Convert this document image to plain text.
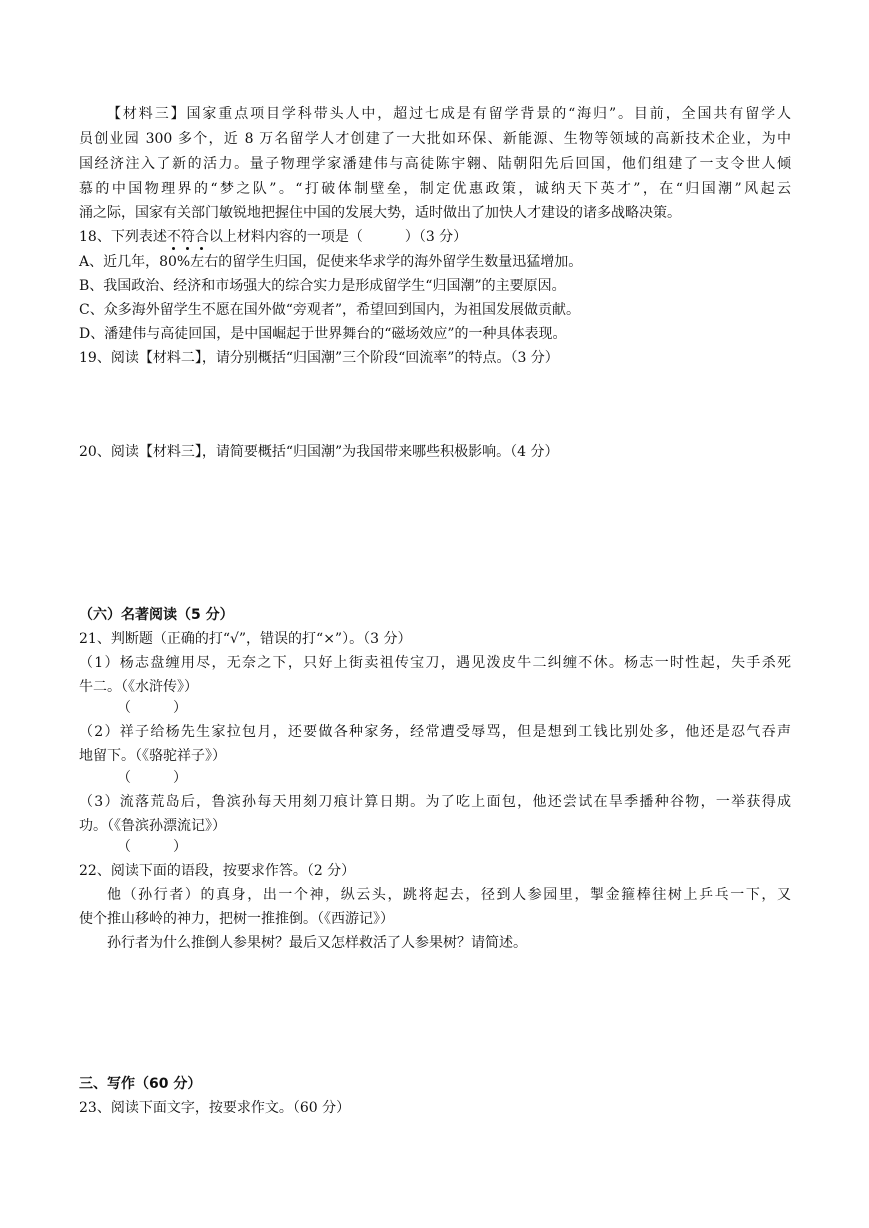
【材料三】国家重点项目学科带头人中，超过七成是有留学背景的“海归”。目前，全国共有留学人
员创业园 300 多个，近 8 万名留学人才创建了一大批如环保、新能源、生物等领域的高新技术企业，为中
国经济注入了新的活力。量子物理学家潘建伟与高徒陈宇翱、陆朝阳先后回国，他们组建了一支令世人倾
慕的中国物理界的“梦之队”。“打破体制壁垒，制定优惠政策，诚纳天下英才”，在“归国潮”风起云
涌之际，国家有关部门敏锐地把握住中国的发展大势，适时做出了加快人才建设的诸多战略决策。
18、下列表述不
符
合
以上材料内容的一项是（　　　）（3 分）
A、近几年，80%左右的留学生归国，促使来华求学的海外留学生数量迅猛增加。
B、我国政治、经济和市场强大的综合实力是形成留学生“归国潮”的主要原因。
C、众多海外留学生不愿在国外做“旁观者”，希望回到国内，为祖国发展做贡献。
D、潘建伟与高徒回国，是中国崛起于世界舞台的“磁场效应”的一种具体表现。
19、阅读【材料二】，请分别概括“归国潮”三个阶段“回流率”的特点。（3 分）
20、阅读【材料三】，请简要概括“归国潮”为我国带来哪些积极影响。（4 分）
（六）名著阅读（5 分）
21、判断题（正确的打“√”，错误的打“×”）。（3 分）
（1）杨志盘缠用尽，无奈之下，只好上街卖祖传宝刀，遇见泼皮牛二纠缠不休。杨志一时性起，失手杀死
牛二。（《水浒传》）
（　　　）
（2）祥子给杨先生家拉包月，还要做各种家务，经常遭受辱骂，但是想到工钱比别处多，他还是忍气吞声
地留下。（《骆驼祥子》）
（　　　）
（3）流落荒岛后，鲁滨孙每天用刻刀痕计算日期。为了吃上面包，他还尝试在旱季播种谷物，一举获得成
功。（《鲁滨孙漂流记》）
（　　　）
22、阅读下面的语段，按要求作答。（2 分）
他（孙行者）的真身，出一个神，纵云头，跳将起去，径到人参园里，掣金箍棒往树上乒乓一下，又
使个推山移岭的神力，把树一推推倒。（《西游记》）
孙行者为什么推倒人参果树？最后又怎样救活了人参果树？请简述。
三、写作（60 分）
23、阅读下面文字，按要求作文。（60 分）
